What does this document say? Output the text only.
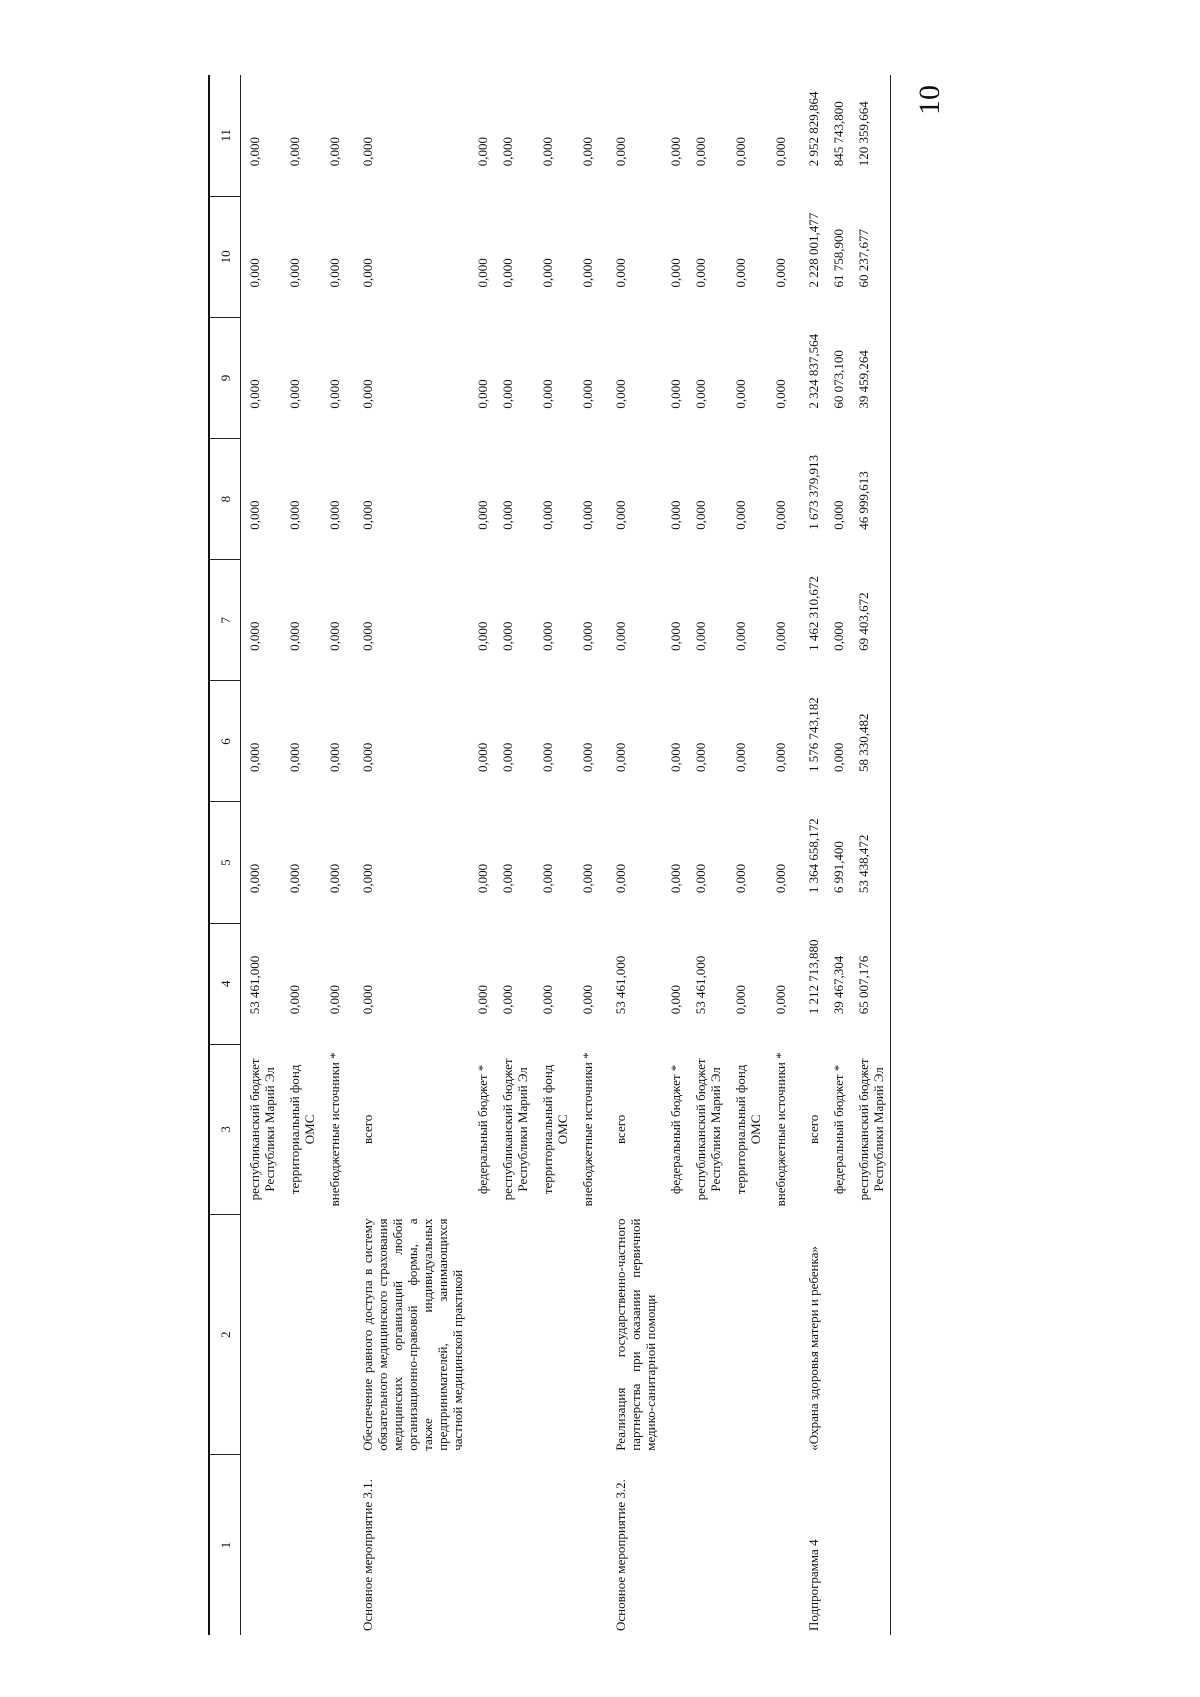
10
1	2	3	4	5	6	7	8	9	10	11
		республиканский бюджет Республики Марий Эл	53 461,000	0,000	0,000	0,000	0,000	0,000	0,000	0,000
		территориальный фонд ОМС	0,000	0,000	0,000	0,000	0,000	0,000	0,000	0,000
		внебюджетные источники *	0,000	0,000	0,000	0,000	0,000	0,000	0,000	0,000
Основное мероприятие 3.1.	Обеспечение равного доступа в систему обязательного медицинского страхования медицинских организаций любой организационно-правовой формы, а также индивидуальных предпринимателей, занимающихся частной медицинской практикой	всего	0,000	0,000	0,000	0,000	0,000	0,000	0,000	0,000
		федеральный бюджет *	0,000	0,000	0,000	0,000	0,000	0,000	0,000	0,000
		республиканский бюджет Республики Марий Эл	0,000	0,000	0,000	0,000	0,000	0,000	0,000	0,000
		территориальный фонд ОМС	0,000	0,000	0,000	0,000	0,000	0,000	0,000	0,000
		внебюджетные источники *	0,000	0,000	0,000	0,000	0,000	0,000	0,000	0,000
Основное мероприятие 3.2.	Реализация государственно-частного партнерства при оказании первичной медико-санитарной помощи	всего	53 461,000	0,000	0,000	0,000	0,000	0,000	0,000	0,000
		федеральный бюджет *	0,000	0,000	0,000	0,000	0,000	0,000	0,000	0,000
		республиканский бюджет Республики Марий Эл	53 461,000	0,000	0,000	0,000	0,000	0,000	0,000	0,000
		территориальный фонд ОМС	0,000	0,000	0,000	0,000	0,000	0,000	0,000	0,000
		внебюджетные источники *	0,000	0,000	0,000	0,000	0,000	0,000	0,000	0,000
Подпрограмма 4	«Охрана здоровья матери и ребенка»	всего	1 212 713,880	1 364 658,172	1 576 743,182	1 462 310,672	1 673 379,913	2 324 837,564	2 228 001,477	2 952 829,864
		федеральный бюджет *	39 467,304	6 991,400	0,000	0,000	0,000	60 073,100	61 758,900	845 743,800
		республиканский бюджет Республики Марий Эл	65 007,176	53 438,472	58 330,482	69 403,672	46 999,613	39 459,264	60 237,677	120 359,664
